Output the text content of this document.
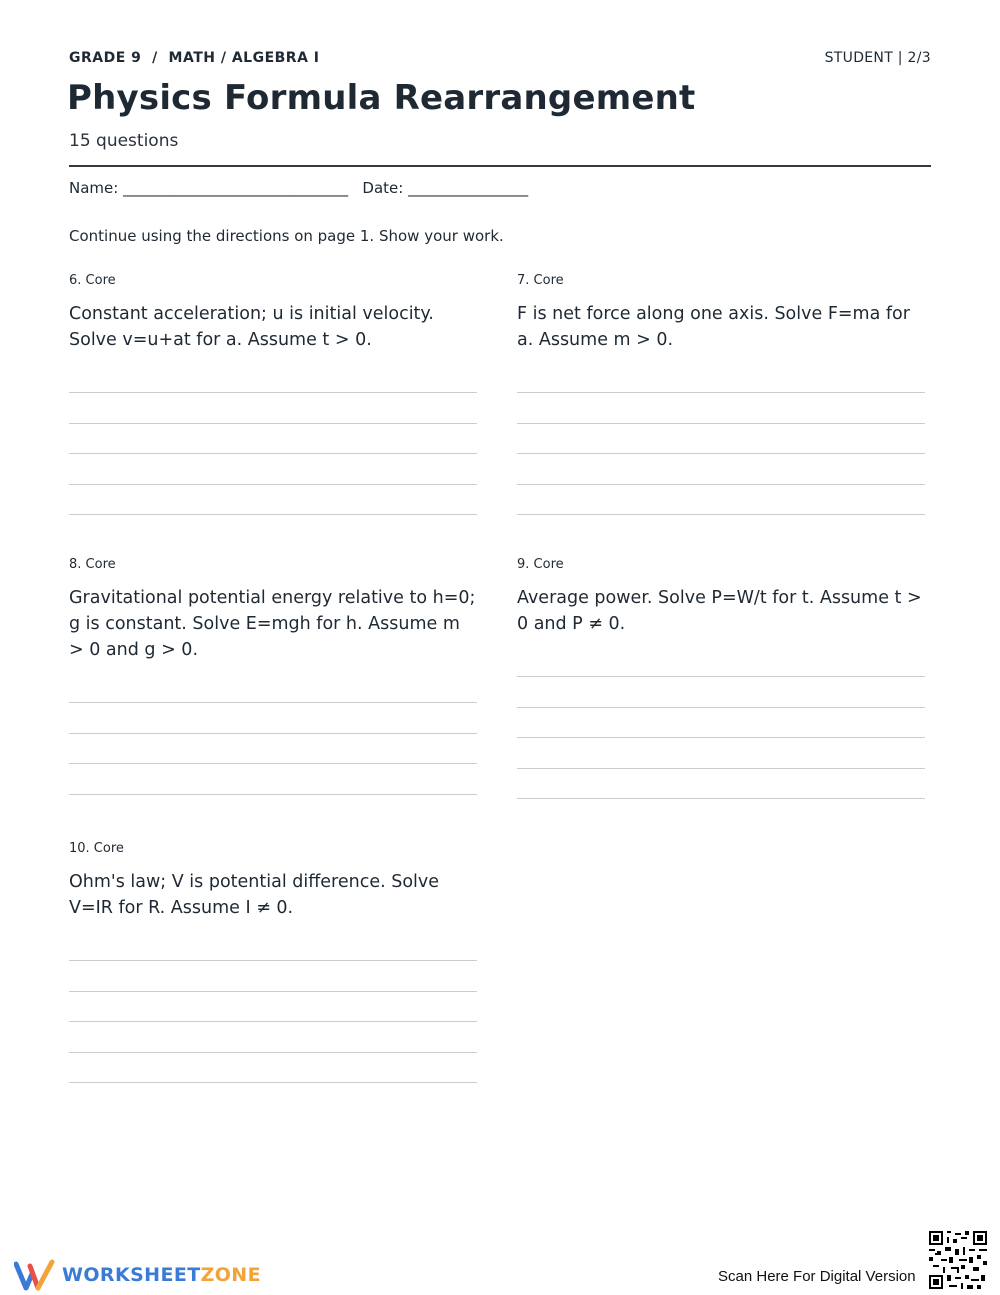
GRADE 9  /  MATH / ALGEBRA I	STUDENT | 2/3
Physics Formula Rearrangement
15 questions
Name: ______________________________ Date: ________________
Continue using the directions on page 1. Show your work.
6. Core
Constant acceleration; u is initial velocity. Solve v=u+at for a. Assume t > 0.
7. Core
F is net force along one axis. Solve F=ma for a. Assume m > 0.
8. Core
Gravitational potential energy relative to h=0; g is constant. Solve E=mgh for h. Assume m > 0 and g > 0.
9. Core
Average power. Solve P=W/t for t. Assume t > 0 and P ≠ 0.
10. Core
Ohm's law; V is potential difference. Solve V=IR for R. Assume I ≠ 0.
WORKSHEETZONE	Scan Here For Digital Version
